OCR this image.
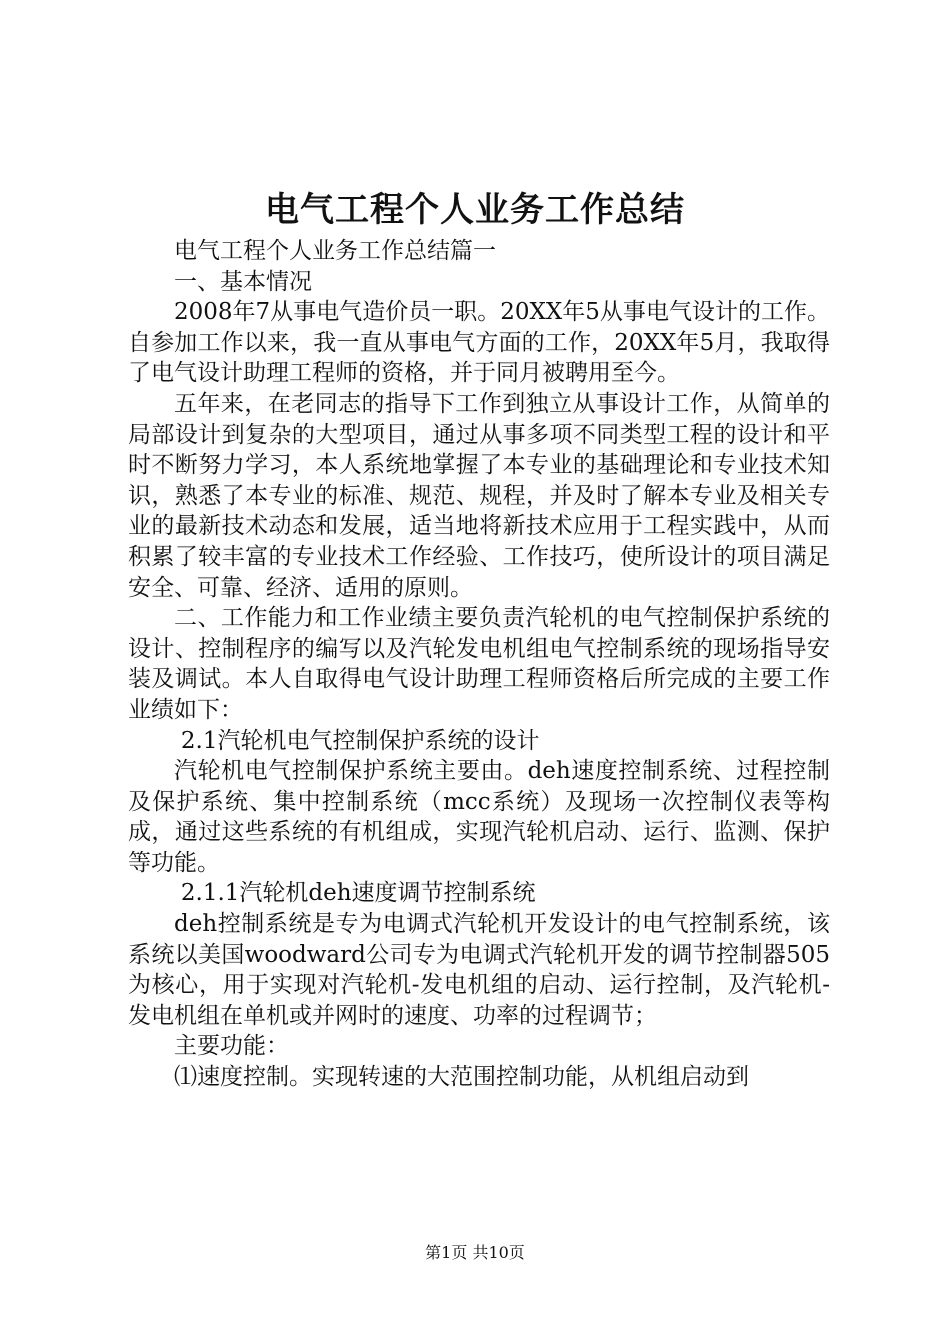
电气工程个人业务工作总结

电气工程个人业务工作总结篇一

一、基本情况

2008年7从事电气造价员一职。20XX年5从事电气设计的工作。自参加工作以来，我一直从事电气方面的工作，20XX年5月，我取得了电气设计助理工程师的资格，并于同月被聘用至今。

五年来，在老同志的指导下工作到独立从事设计工作，从简单的局部设计到复杂的大型项目，通过从事多项不同类型工程的设计和平时不断努力学习，本人系统地掌握了本专业的基础理论和专业技术知识，熟悉了本专业的标准、规范、规程，并及时了解本专业及相关专业的最新技术动态和发展，适当地将新技术应用于工程实践中，从而积累了较丰富的专业技术工作经验、工作技巧，使所设计的项目满足安全、可靠、经济、适用的原则。

二、工作能力和工作业绩主要负责汽轮机的电气控制保护系统的设计、控制程序的编写以及汽轮发电机组电气控制系统的现场指导安装及调试。本人自取得电气设计助理工程师资格后所完成的主要工作业绩如下：

2.1汽轮机电气控制保护系统的设计

汽轮机电气控制保护系统主要由。deh速度控制系统、过程控制及保护系统、集中控制系统（mcc系统）及现场一次控制仪表等构成，通过这些系统的有机组成，实现汽轮机启动、运行、监测、保护等功能。

2.1.1汽轮机deh速度调节控制系统

deh控制系统是专为电调式汽轮机开发设计的电气控制系统，该系统以美国woodward公司专为电调式汽轮机开发的调节控制器505为核心，用于实现对汽轮机-发电机组的启动、运行控制，及汽轮机-发电机组在单机或并网时的速度、功率的过程调节；

主要功能：

⑴速度控制。实现转速的大范围控制功能，从机组启动到

第1页 共10页
